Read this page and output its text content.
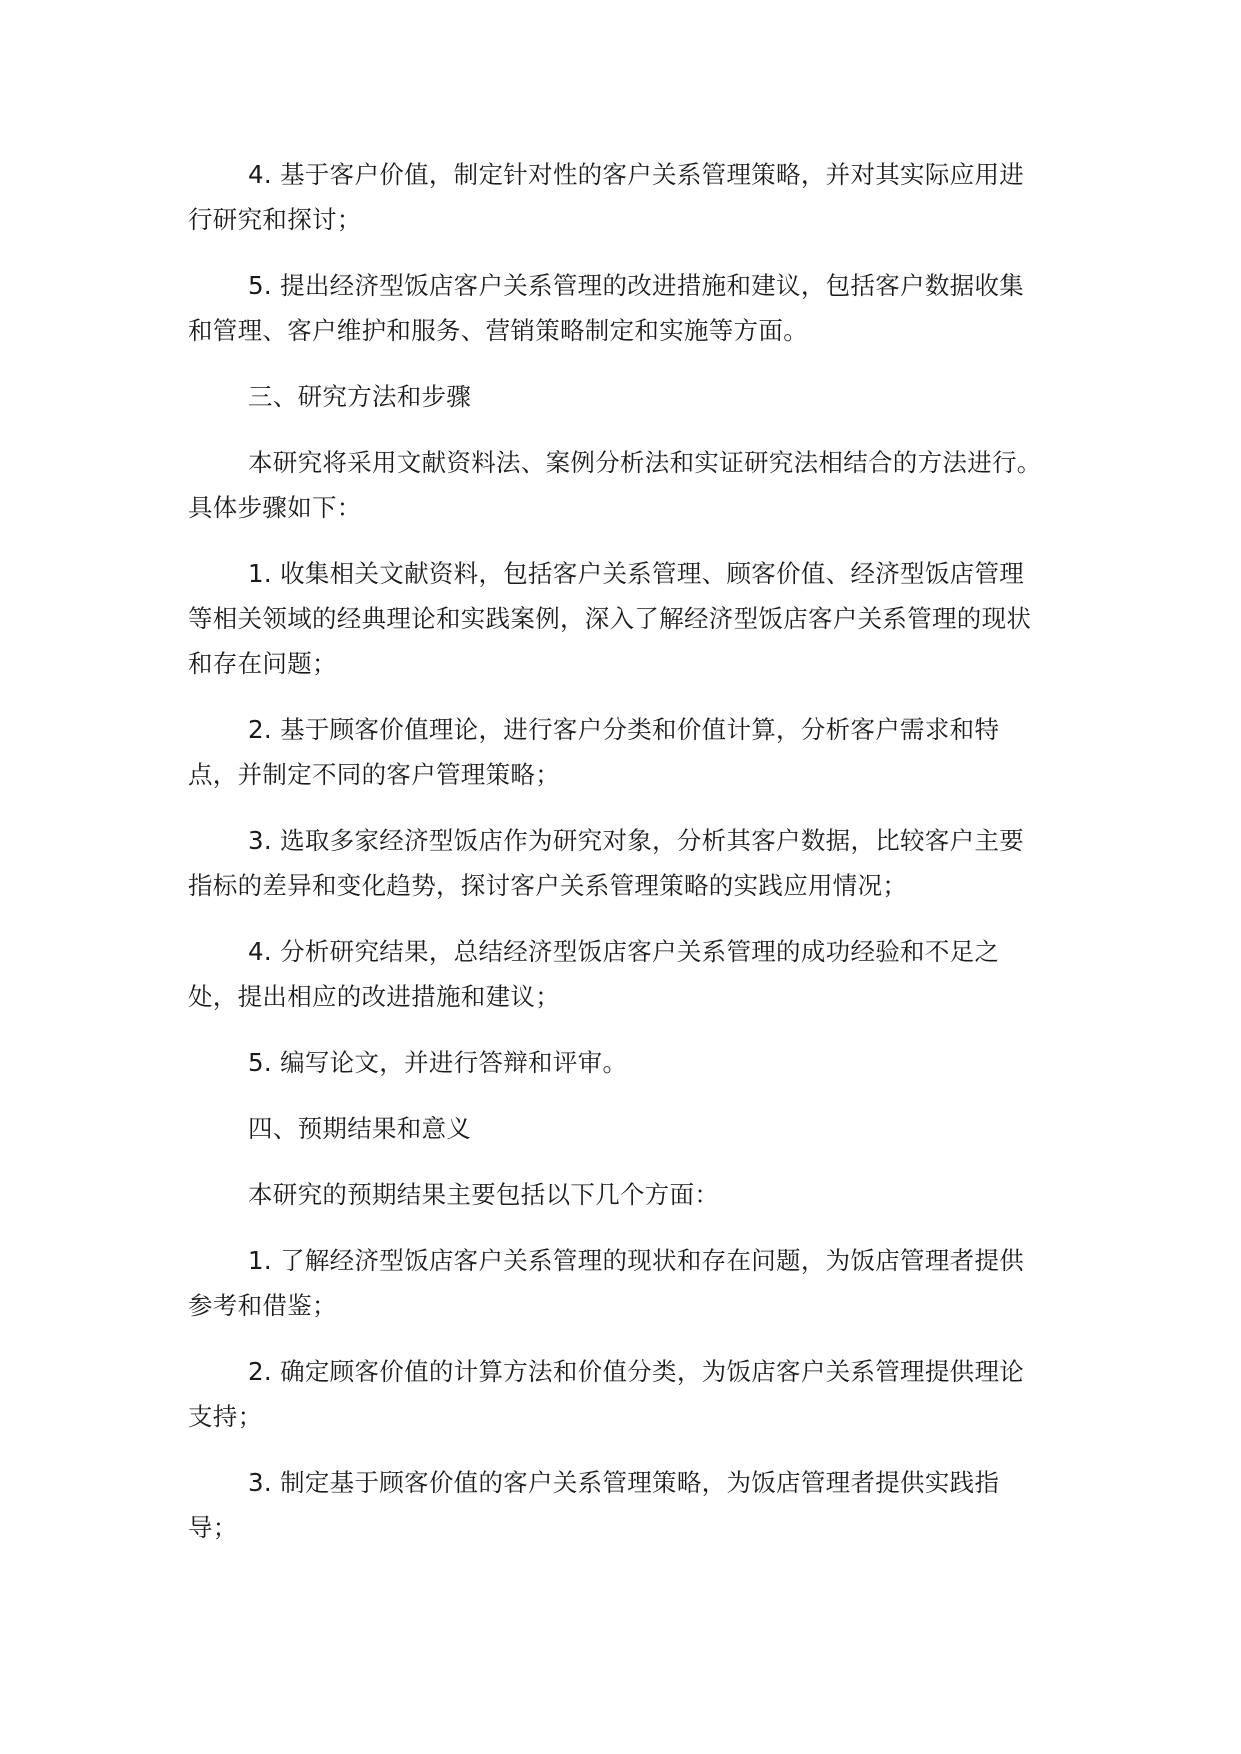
4. 基于客户价值，制定针对性的客户关系管理策略，并对其实际应用进行研究和探讨；

5. 提出经济型饭店客户关系管理的改进措施和建议，包括客户数据收集和管理、客户维护和服务、营销策略制定和实施等方面。

三、研究方法和步骤

本研究将采用文献资料法、案例分析法和实证研究法相结合的方法进行。具体步骤如下：

1. 收集相关文献资料，包括客户关系管理、顾客价值、经济型饭店管理等相关领域的经典理论和实践案例，深入了解经济型饭店客户关系管理的现状和存在问题；

2. 基于顾客价值理论，进行客户分类和价值计算，分析客户需求和特点，并制定不同的客户管理策略；

3. 选取多家经济型饭店作为研究对象，分析其客户数据，比较客户主要指标的差异和变化趋势，探讨客户关系管理策略的实践应用情况；

4. 分析研究结果，总结经济型饭店客户关系管理的成功经验和不足之处，提出相应的改进措施和建议；

5. 编写论文，并进行答辩和评审。

四、预期结果和意义

本研究的预期结果主要包括以下几个方面：

1. 了解经济型饭店客户关系管理的现状和存在问题，为饭店管理者提供参考和借鉴；

2. 确定顾客价值的计算方法和价值分类，为饭店客户关系管理提供理论支持；

3. 制定基于顾客价值的客户关系管理策略，为饭店管理者提供实践指导；
